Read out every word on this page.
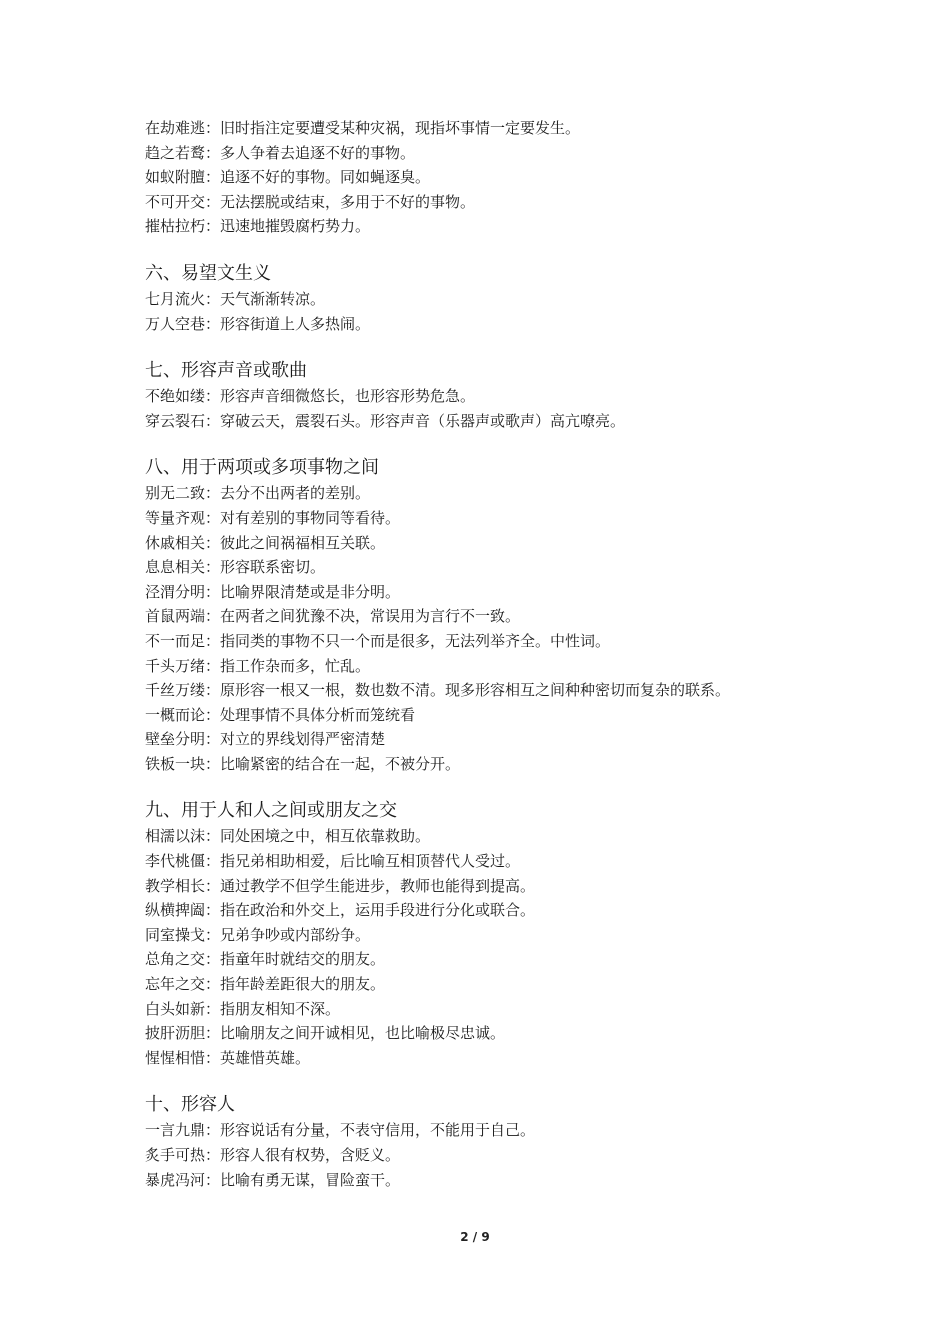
在劫难逃：旧时指注定要遭受某种灾祸，现指坏事情一定要发生。
趋之若鹜：多人争着去追逐不好的事物。
如蚁附膻：追逐不好的事物。同如蝇逐臭。
不可开交：无法摆脱或结束，多用于不好的事物。
摧枯拉朽：迅速地摧毁腐朽势力。
六、易望文生义
七月流火：天气渐渐转凉。
万人空巷：形容街道上人多热闹。
七、形容声音或歌曲
不绝如缕：形容声音细微悠长，也形容形势危急。
穿云裂石：穿破云天，震裂石头。形容声音（乐器声或歌声）高亢嘹亮。
八、用于两项或多项事物之间
别无二致：去分不出两者的差别。
等量齐观：对有差别的事物同等看待。
休戚相关：彼此之间祸福相互关联。
息息相关：形容联系密切。
泾渭分明：比喻界限清楚或是非分明。
首鼠两端：在两者之间犹豫不决，常误用为言行不一致。
不一而足：指同类的事物不只一个而是很多，无法列举齐全。中性词。
千头万绪：指工作杂而多，忙乱。
千丝万缕：原形容一根又一根，数也数不清。现多形容相互之间种种密切而复杂的联系。
一概而论：处理事情不具体分析而笼统看
壁垒分明：对立的界线划得严密清楚
铁板一块：比喻紧密的结合在一起，不被分开。
九、用于人和人之间或朋友之交
相濡以沫：同处困境之中，相互依靠救助。
李代桃僵：指兄弟相助相爱，后比喻互相顶替代人受过。
教学相长：通过教学不但学生能进步，教师也能得到提高。
纵横捭阖：指在政治和外交上，运用手段进行分化或联合。
同室操戈：兄弟争吵或内部纷争。
总角之交：指童年时就结交的朋友。
忘年之交：指年龄差距很大的朋友。
白头如新：指朋友相知不深。
披肝沥胆：比喻朋友之间开诚相见，也比喻极尽忠诚。
惺惺相惜：英雄惜英雄。
十、形容人
一言九鼎：形容说话有分量，不表守信用，不能用于自己。
炙手可热：形容人很有权势，含贬义。
暴虎冯河：比喻有勇无谋，冒险蛮干。
2 / 9
